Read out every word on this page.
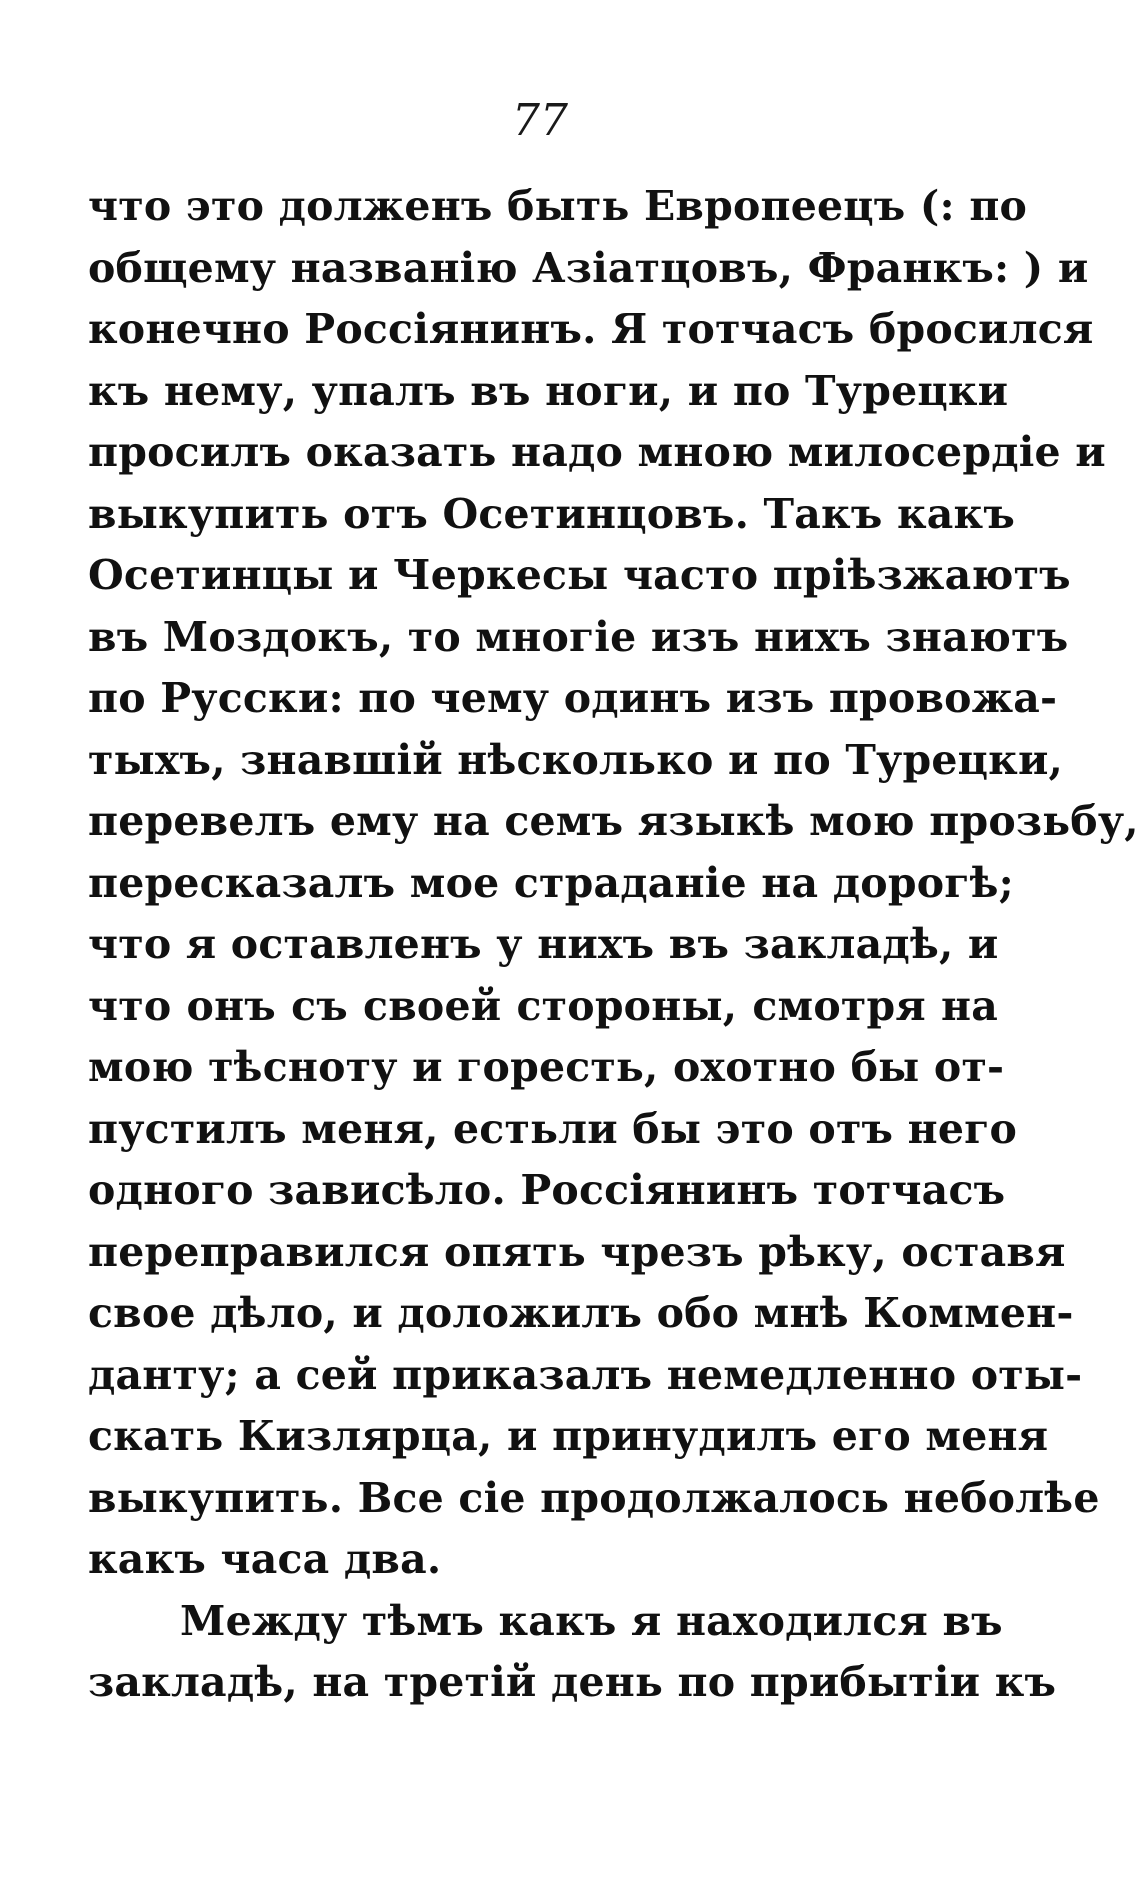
77
что это долженъ быть Европеецъ (: по
общему названію Азіатцовъ, Франкъ: ) и
конечно Россіянинъ. Я тотчасъ бросился
къ нему, упалъ въ ноги, и по Турецки
просилъ оказать надо мною милосердіе и
выкупить отъ Осетинцовъ. Такъ какъ
Осетинцы и Черкесы часто пріѣзжаютъ
въ Моздокъ, то многіе изъ нихъ знаютъ
по Русски: по чему одинъ изъ провожа-
тыхъ, знавшій нѣсколько и по Турецки,
перевелъ ему на семъ языкѣ мою прозьбу,
пересказалъ мое страданіе на дорогѣ;
что я оставленъ у нихъ въ закладѣ, и
что онъ съ своей стороны, смотря на
мою тѣсноту и горесть, охотно бы от-
пустилъ меня, естьли бы это отъ него
одного зависѣло. Россіянинъ тотчасъ
переправился опять чрезъ рѣку, оставя
свое дѣло, и доложилъ обо мнѣ Коммен-
данту; а сей приказалъ немедленно оты-
скать Кизлярца, и принудилъ его меня
выкупить. Все сіе продолжалось неболѣе
какъ часа два.
Между тѣмъ какъ я находился въ
закладѣ, на третій день по прибытіи къ
